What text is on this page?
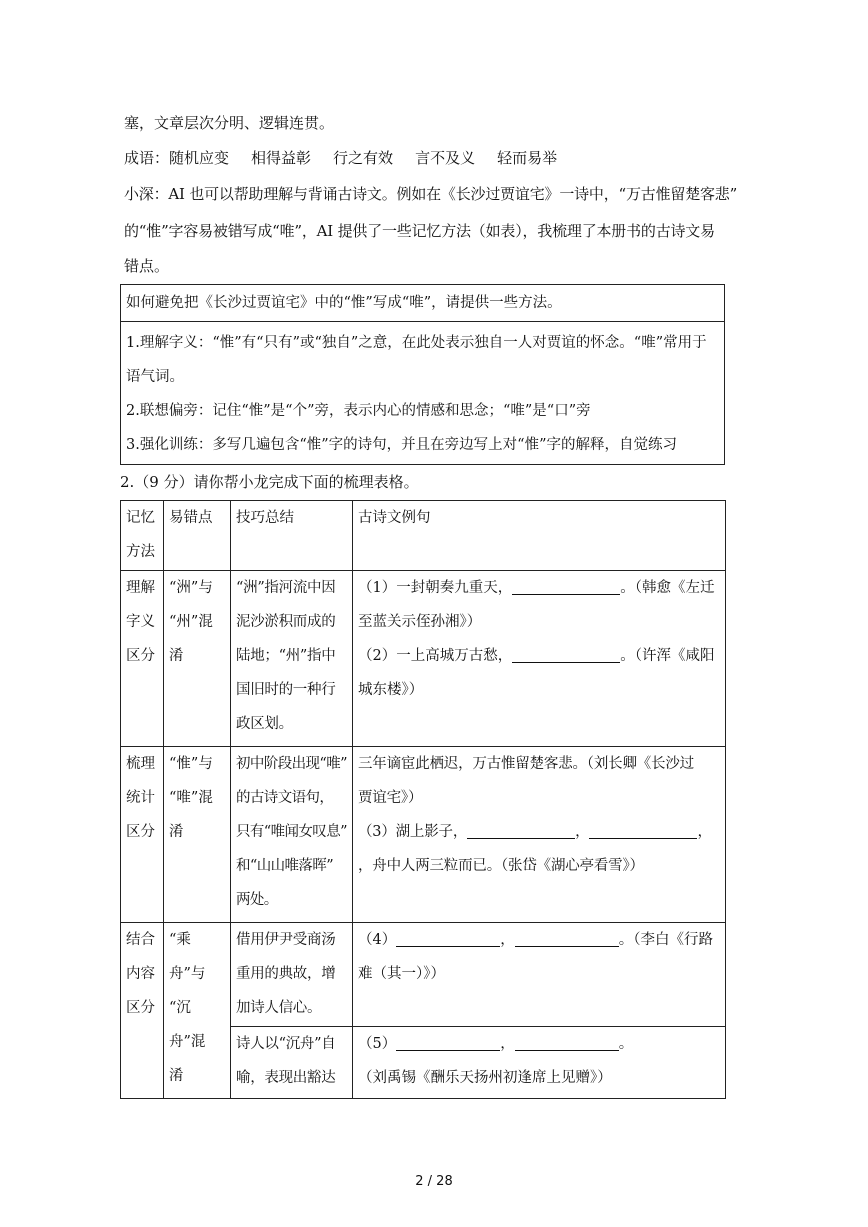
塞，文章层次分明、逻辑连贯。
成语：随机应变 相得益彰 行之有效 言不及义 轻而易举
小深：AI 也可以帮助理解与背诵古诗文。例如在《长沙过贾谊宅》一诗中，“万古惟留楚客悲”
的“惟”字容易被错写成“唯”，AI 提供了一些记忆方法（如表），我梳理了本册书的古诗文易
错点。
如何避免把《长沙过贾谊宅》中的“惟”写成“唯”，请提供一些方法。

1.理解字义：“惟”有“只有”或“独自”之意，在此处表示独自一人对贾谊的怀念。“唯”常用于
语气词。
2.联想偏旁：记住“惟”是“个”旁，表示内心的情感和思念；“唯”是“口”旁
3.强化训练：多写几遍包含“惟”字的诗句，并且在旁边写上对“惟”字的解释，自觉练习
2.（9 分）请你帮小龙完成下面的梳理表格。
记忆
方法	易错点	技巧总结	古诗文例句

理解
字义
区分	“洲”与
“州”混淆	“洲”指河流中因
泥沙淤积而成的
陆地；“州”指中
国旧时的一种行
政区划。	（1）一封朝奏九重天， 。（韩愈《左迁
至蓝关示侄孙湘》）
（2）一上高城万古愁， 。（许浑《咸阳
城东楼》）

梳理
统计
区分	“惟”与
“唯”混淆	初中阶段出现“唯”
的古诗文语句，
只有“唯闻女叹息”
和“山山唯落晖”
两处。	三年谪宦此栖迟，万古惟留楚客悲。（刘长卿《长沙过
贾谊宅》）
（3）湖上影子， ， ，
，舟中人两三粒而已。（张岱《湖心亭看雪》）

结合
内容
区分	“乘舟”与
“沉舟”混
淆	借用伊尹受商汤
重用的典故，增
加诗人信心。	（4） ， 。（李白《行路
难（其一）》）

		诗人以“沉舟”自
喻，表现出豁达	（5） ， 。
（刘禹锡《酬乐天扬州初逢席上见赠》）
2 / 28
